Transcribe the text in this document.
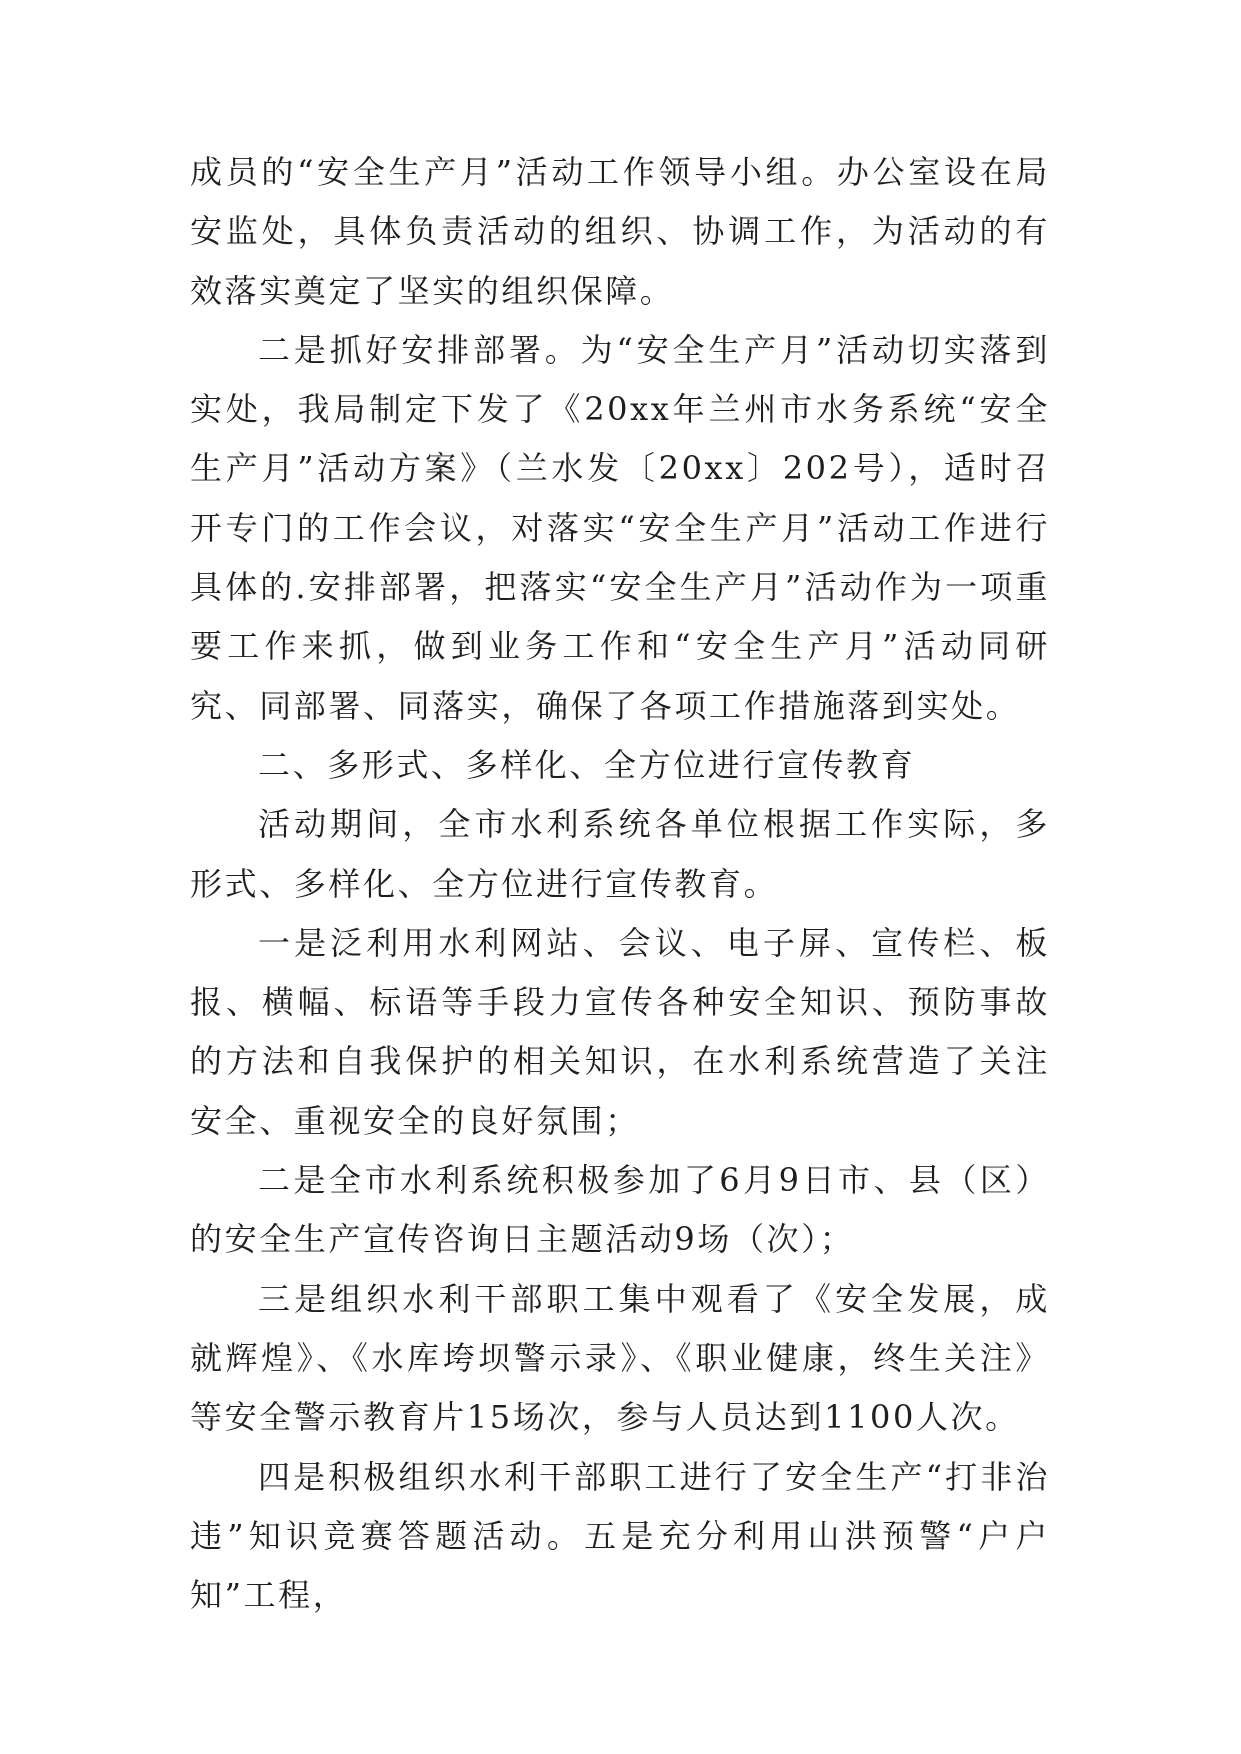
成员的“安全生产月”活动工作领导小组。办公室设在局安监处，具体负责活动的组织、协调工作，为活动的有效落实奠定了坚实的组织保障。

二是抓好安排部署。为“安全生产月”活动切实落到实处，我局制定下发了《20xx年兰州市水务系统“安全生产月”活动方案》（兰水发〔20xx〕202号），适时召开专门的工作会议，对落实“安全生产月”活动工作进行具体的.安排部署，把落实“安全生产月”活动作为一项重要工作来抓，做到业务工作和“安全生产月”活动同研究、同部署、同落实，确保了各项工作措施落到实处。

二、多形式、多样化、全方位进行宣传教育

活动期间，全市水利系统各单位根据工作实际，多形式、多样化、全方位进行宣传教育。

一是泛利用水利网站、会议、电子屏、宣传栏、板报、横幅、标语等手段力宣传各种安全知识、预防事故的方法和自我保护的相关知识，在水利系统营造了关注安全、重视安全的良好氛围；

二是全市水利系统积极参加了6月9日市、县（区）的安全生产宣传咨询日主题活动9场（次）；

三是组织水利干部职工集中观看了《安全发展，成就辉煌》、《水库垮坝警示录》、《职业健康，终生关注》等安全警示教育片15场次，参与人员达到1100人次。

四是积极组织水利干部职工进行了安全生产“打非治违”知识竞赛答题活动。五是充分利用山洪预警“户户知”工程，
